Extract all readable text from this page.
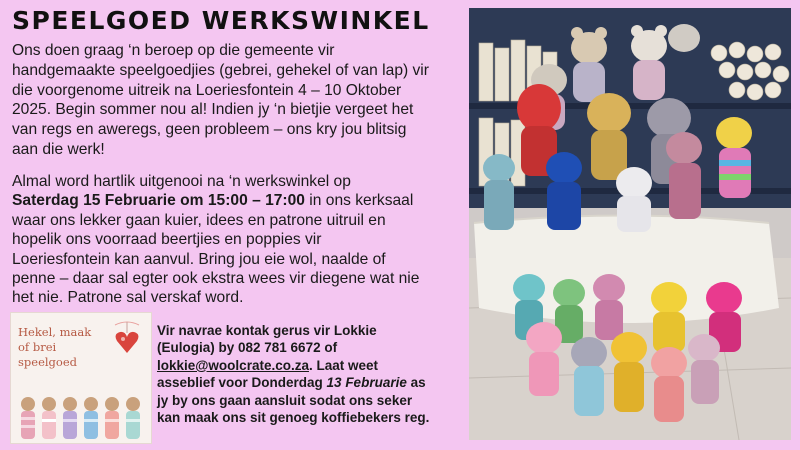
SPEELGOED WERKSWINKEL
Ons doen graag ‘n beroep op die gemeente vir
handgemaakte speelgoedjies (gebrei, gehekel of van lap) vir
die voorgenome uitreik na Loeriesfontein 4 – 10 Oktober
2025. Begin sommer nou al! Indien jy ‘n bietjie vergeet het
van regs en aweregs, geen probleem – ons kry jou blitsig
aan die werk!
Almal word hartlik uitgenooi na ‘n werkswinkel op
Saterdag 15 Februarie om 15:00 – 17:00 in ons kerksaal
waar ons lekker gaan kuier, idees en patrone uitruil en
hopelik ons voorraad beertjies en poppies vir
Loeriesfontein kan aanvul. Bring jou eie wol, naalde of
penne – daar sal egter ook ekstra wees vir diegene wat nie
het nie. Patrone sal verskaf word.
Hekel, maak
of brei
speelgoed
Vir navrae kontak gerus vir Lokkie
(Eulogia) by 082 781 6672 of
lokkie@woolcrate.co.za. Laat weet
asseblief voor Donderdag 13 Februarie as
jy by ons gaan aansluit sodat ons seker
kan maak ons sit genoeg koffiebekers reg.
